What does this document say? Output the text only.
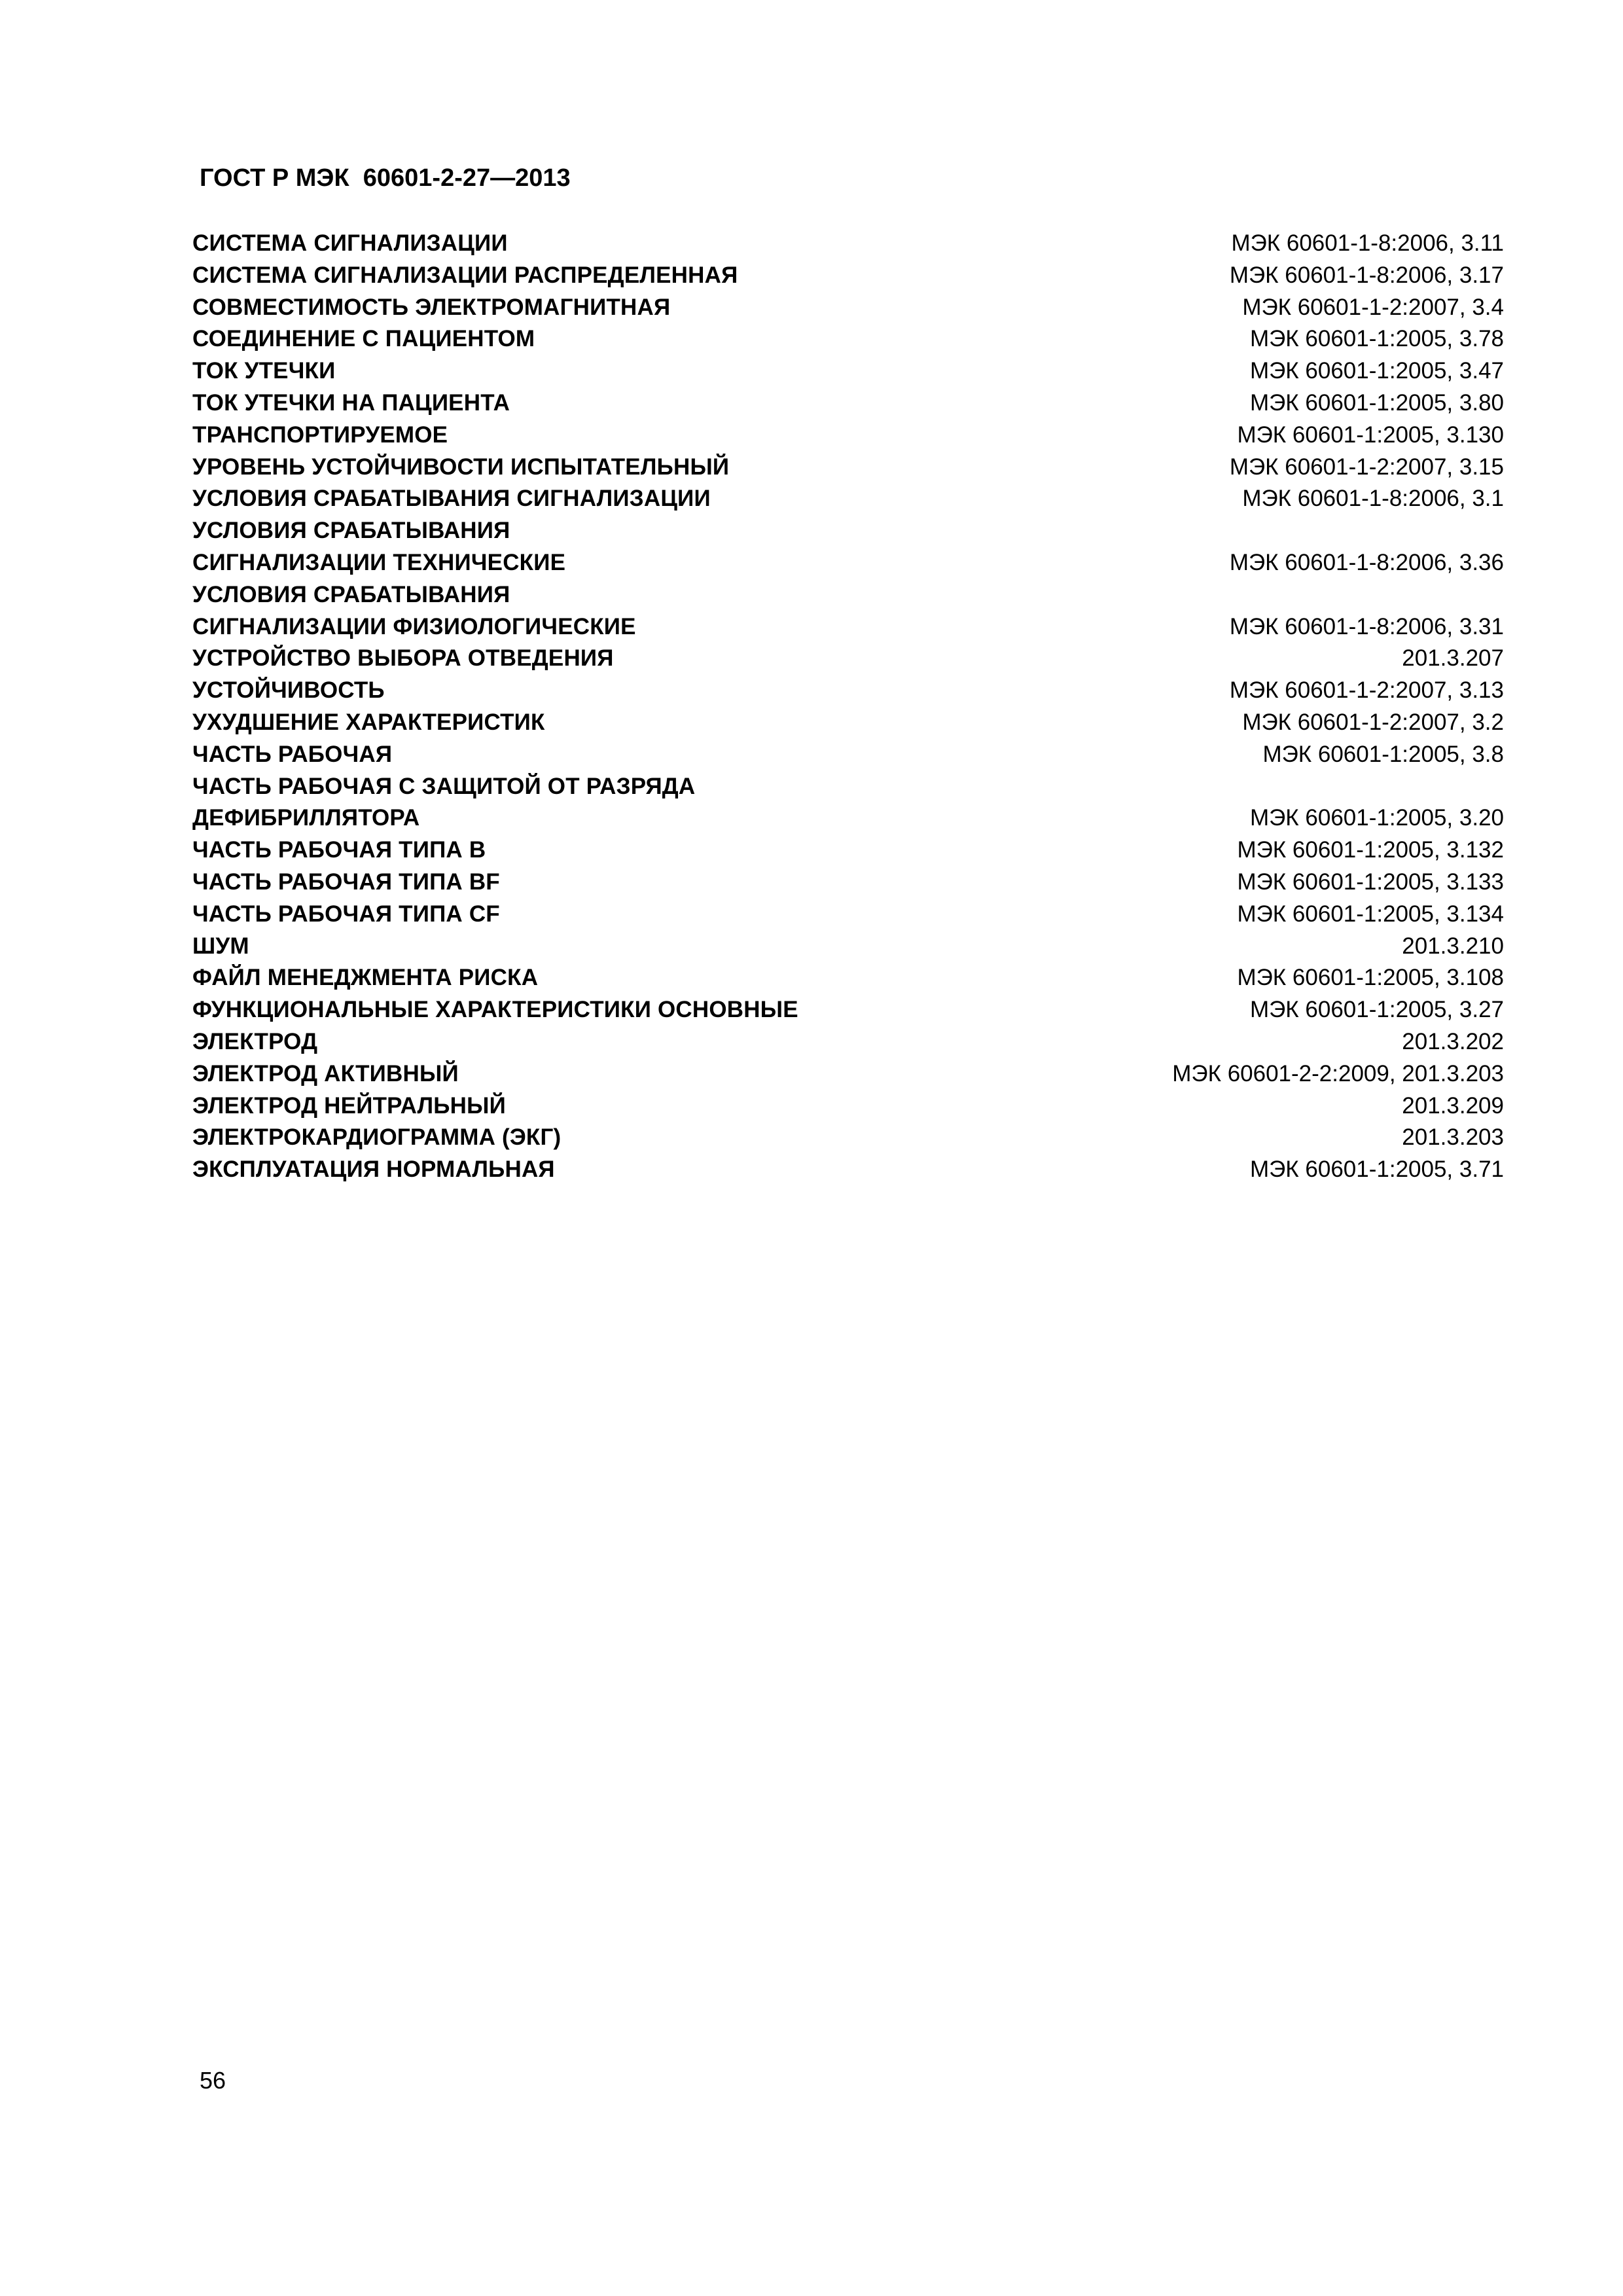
ГОСТ Р МЭК  60601-2-27—2013
СИСТЕМА СИГНАЛИЗАЦИИ	МЭК 60601-1-8:2006, 3.11
СИСТЕМА СИГНАЛИЗАЦИИ РАСПРЕДЕЛЕННАЯ	МЭК 60601-1-8:2006, 3.17
СОВМЕСТИМОСТЬ ЭЛЕКТРОМАГНИТНАЯ	МЭК 60601-1-2:2007, 3.4
СОЕДИНЕНИЕ С ПАЦИЕНТОМ	МЭК 60601-1:2005, 3.78
ТОК УТЕЧКИ	МЭК 60601-1:2005, 3.47
ТОК УТЕЧКИ НА ПАЦИЕНТА	МЭК 60601-1:2005, 3.80
ТРАНСПОРТИРУЕМОЕ	МЭК 60601-1:2005, 3.130
УРОВЕНЬ УСТОЙЧИВОСТИ ИСПЫТАТЕЛЬНЫЙ	МЭК 60601-1-2:2007, 3.15
УСЛОВИЯ СРАБАТЫВАНИЯ СИГНАЛИЗАЦИИ	МЭК 60601-1-8:2006, 3.1
УСЛОВИЯ СРАБАТЫВАНИЯ
СИГНАЛИЗАЦИИ ТЕХНИЧЕСКИЕ	МЭК 60601-1-8:2006, 3.36
УСЛОВИЯ СРАБАТЫВАНИЯ
СИГНАЛИЗАЦИИ ФИЗИОЛОГИЧЕСКИЕ	МЭК 60601-1-8:2006, 3.31
УСТРОЙСТВО ВЫБОРА ОТВЕДЕНИЯ	201.3.207
УСТОЙЧИВОСТЬ	МЭК 60601-1-2:2007, 3.13
УХУДШЕНИЕ ХАРАКТЕРИСТИК	МЭК 60601-1-2:2007, 3.2
ЧАСТЬ РАБОЧАЯ	МЭК 60601-1:2005, 3.8
ЧАСТЬ РАБОЧАЯ С ЗАЩИТОЙ ОТ РАЗРЯДА
ДЕФИБРИЛЛЯТОРА	МЭК 60601-1:2005, 3.20
ЧАСТЬ РАБОЧАЯ ТИПА В	МЭК 60601-1:2005, 3.132
ЧАСТЬ РАБОЧАЯ ТИПА BF	МЭК 60601-1:2005, 3.133
ЧАСТЬ РАБОЧАЯ ТИПА CF	МЭК 60601-1:2005, 3.134
ШУМ	201.3.210
ФАЙЛ МЕНЕДЖМЕНТА РИСКА	МЭК 60601-1:2005, 3.108
ФУНКЦИОНАЛЬНЫЕ ХАРАКТЕРИСТИКИ ОСНОВНЫЕ	МЭК 60601-1:2005, 3.27
ЭЛЕКТРОД	201.3.202
ЭЛЕКТРОД АКТИВНЫЙ	МЭК 60601-2-2:2009, 201.3.203
ЭЛЕКТРОД НЕЙТРАЛЬНЫЙ	201.3.209
ЭЛЕКТРОКАРДИОГРАММА (ЭКГ)	201.3.203
ЭКСПЛУАТАЦИЯ НОРМАЛЬНАЯ	МЭК 60601-1:2005, 3.71
56
